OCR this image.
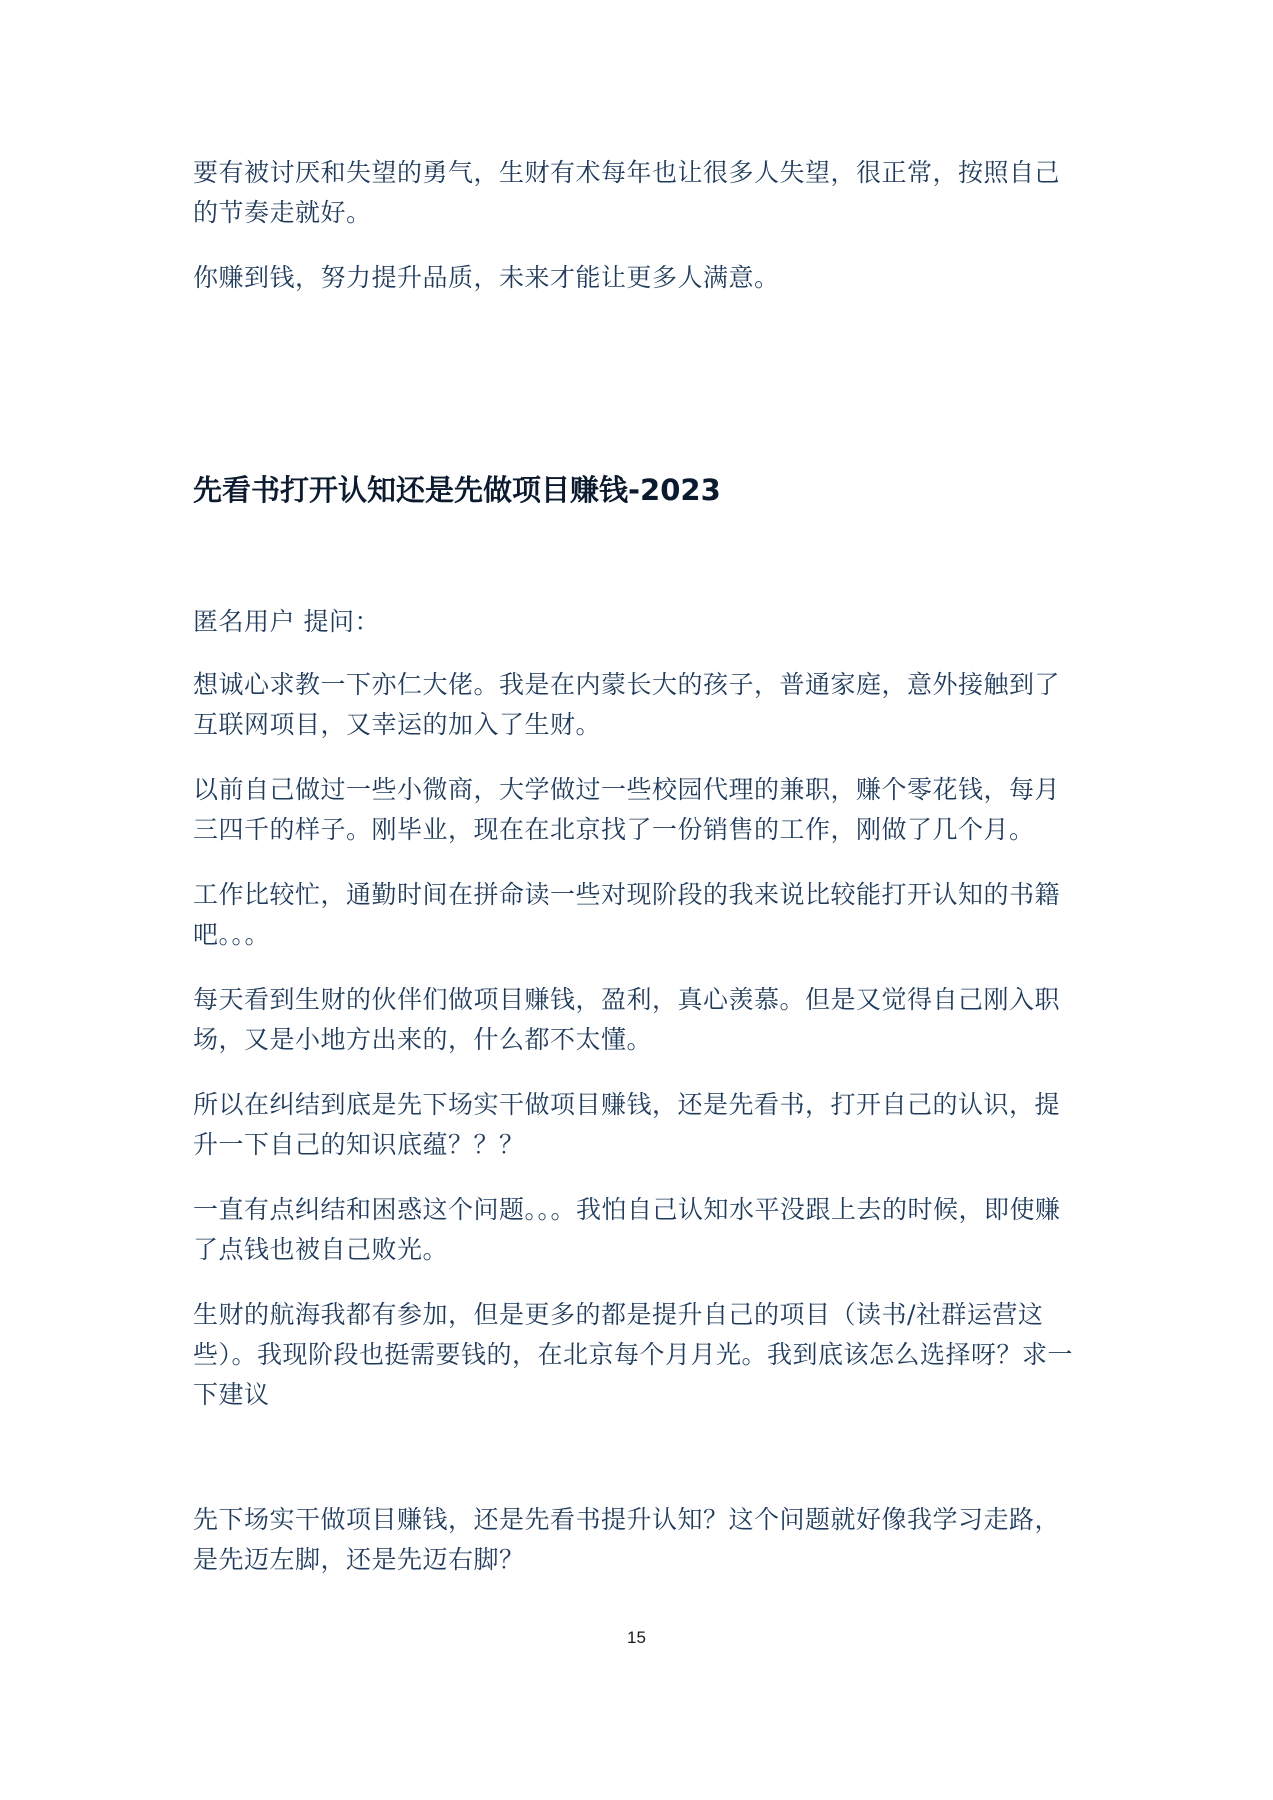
要有被讨厌和失望的勇气，生财有术每年也让很多人失望，很正常，按照自己的节奏走就好。

你赚到钱，努力提升品质，未来才能让更多人满意。

先看书打开认知还是先做项目赚钱-2023

匿名用户 提问：

想诚心求教一下亦仁大佬。我是在内蒙长大的孩子，普通家庭，意外接触到了互联网项目，又幸运的加入了生财。

以前自己做过一些小微商，大学做过一些校园代理的兼职，赚个零花钱，每月三四千的样子。刚毕业，现在在北京找了一份销售的工作，刚做了几个月。

工作比较忙，通勤时间在拼命读一些对现阶段的我来说比较能打开认知的书籍吧。。。

每天看到生财的伙伴们做项目赚钱，盈利，真心羡慕。但是又觉得自己刚入职场，又是小地方出来的，什么都不太懂。

所以在纠结到底是先下场实干做项目赚钱，还是先看书，打开自己的认识，提升一下自己的知识底蕴？？？

一直有点纠结和困惑这个问题。。。我怕自己认知水平没跟上去的时候，即使赚了点钱也被自己败光。

生财的航海我都有参加，但是更多的都是提升自己的项目（读书/社群运营这些）。我现阶段也挺需要钱的，在北京每个月月光。我到底该怎么选择呀？求一下建议

先下场实干做项目赚钱，还是先看书提升认知？这个问题就好像我学习走路，是先迈左脚，还是先迈右脚？

15
